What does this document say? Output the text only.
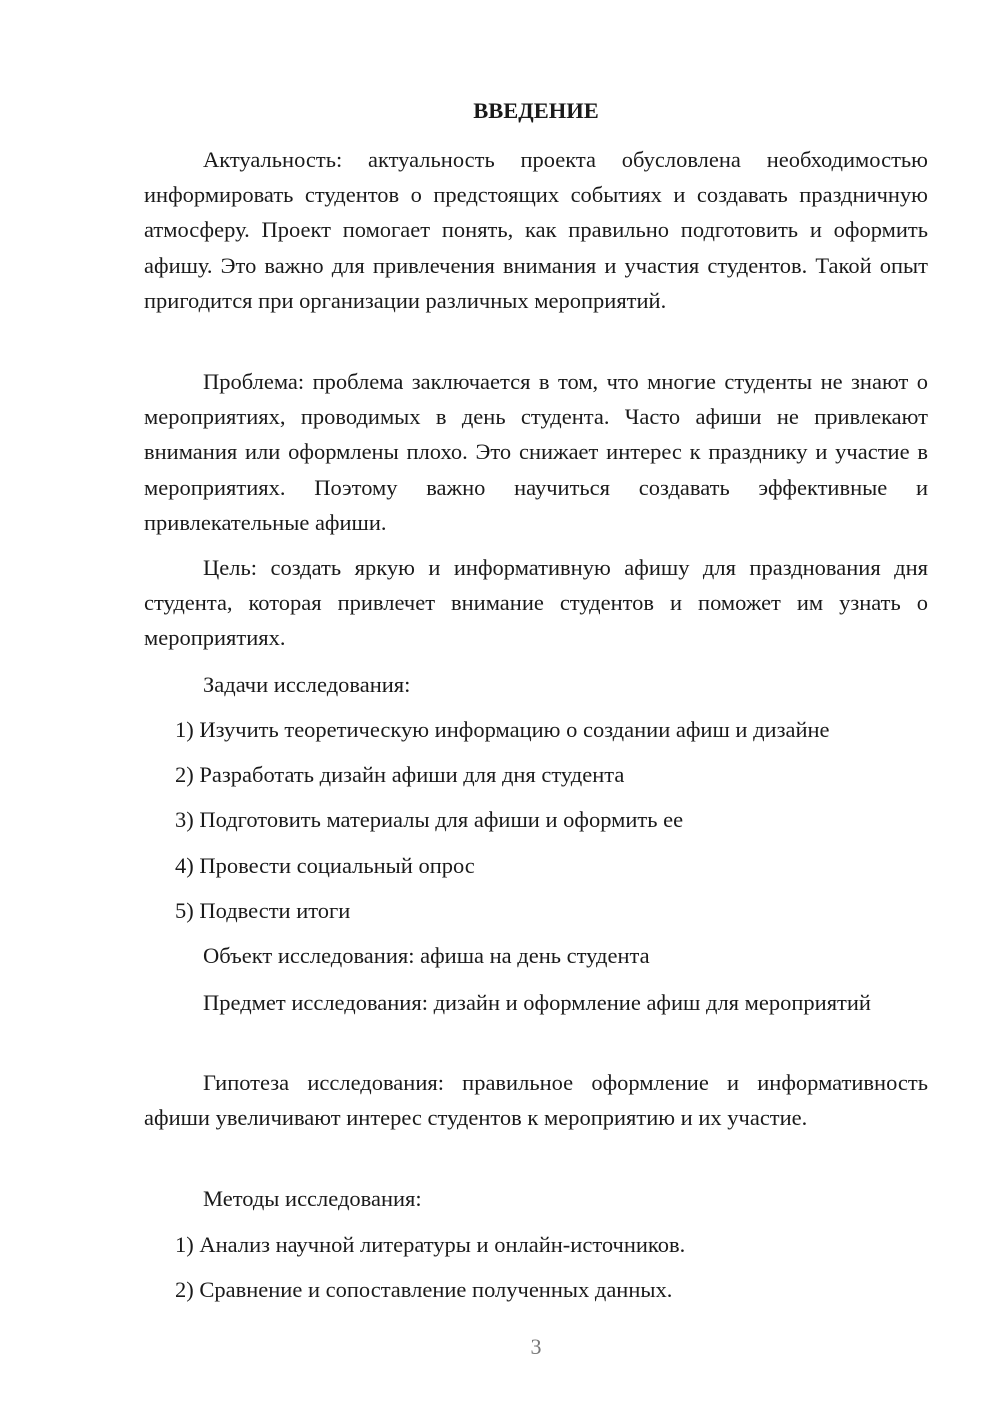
ВВЕДЕНИЕ

Актуальность: актуальность проекта обусловлена необходимостью информировать студентов о предстоящих событиях и создавать праздничную атмосферу. Проект помогает понять, как правильно подготовить и оформить афишу. Это важно для привлечения внимания и участия студентов. Такой опыт пригодится при организации различных мероприятий.

Проблема: проблема заключается в том, что многие студенты не знают о мероприятиях, проводимых в день студента. Часто афиши не привлекают внимания или оформлены плохо. Это снижает интерес к празднику и участие в мероприятиях. Поэтому важно научиться создавать эффективные и привлекательные афиши.

Цель: создать яркую и информативную афишу для празднования дня студента, которая привлечет внимание студентов и поможет им узнать о мероприятиях.

Задачи исследования:

1) Изучить теоретическую информацию о создании афиш и дизайне

2) Разработать дизайн афиши для дня студента

3) Подготовить материалы для афиши и оформить ее

4) Провести социальный опрос

5) Подвести итоги

Объект исследования: афиша на день студента

Предмет исследования: дизайн и оформление афиш для мероприятий

Гипотеза исследования: правильное оформление и информативность афиши увеличивают интерес студентов к мероприятию и их участие.

Методы исследования:

1) Анализ научной литературы и онлайн-источников.

2) Сравнение и сопоставление полученных данных.

3
